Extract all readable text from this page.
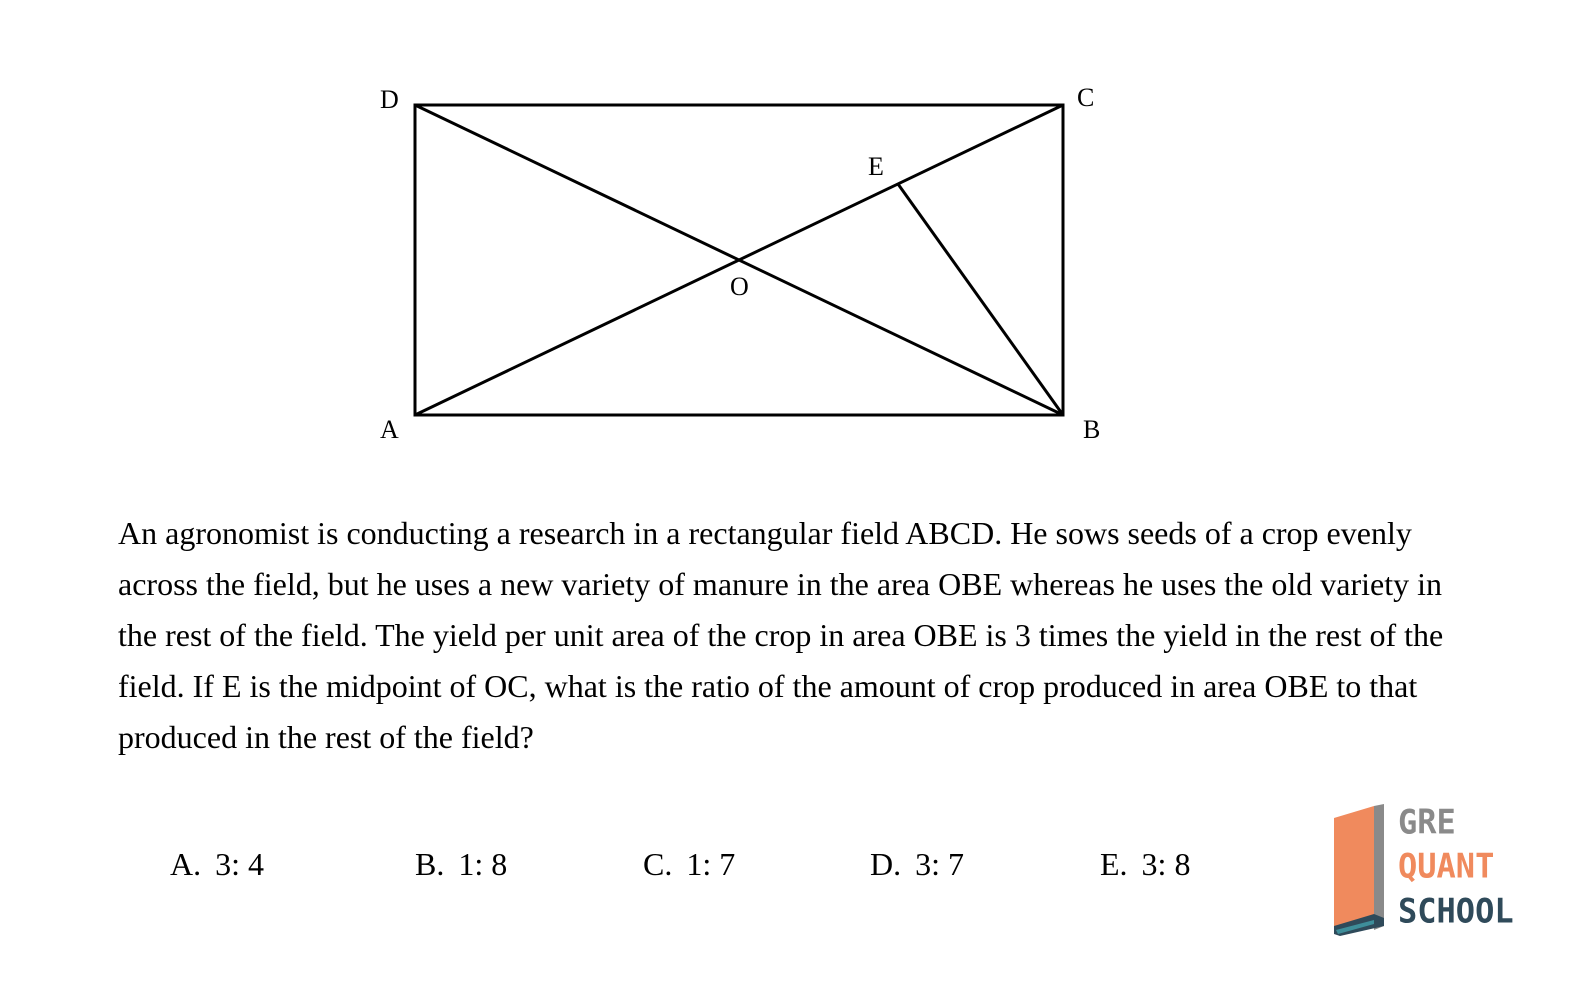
D	C
E
O
A	B

An agronomist is conducting a research in a rectangular field ABCD. He sows seeds of a crop evenly across the field, but he uses a new variety of manure in the area OBE whereas he uses the old variety in the rest of the field. The yield per unit area of the crop in area OBE is 3 times the yield in the rest of the field. If E is the midpoint of OC, what is the ratio of the amount of crop produced in area OBE to that produced in the rest of the field?

A. 3: 4	B. 1: 8	C. 1: 7	D. 3: 7	E. 3: 8
GRE
QUANT
SCHOOL
